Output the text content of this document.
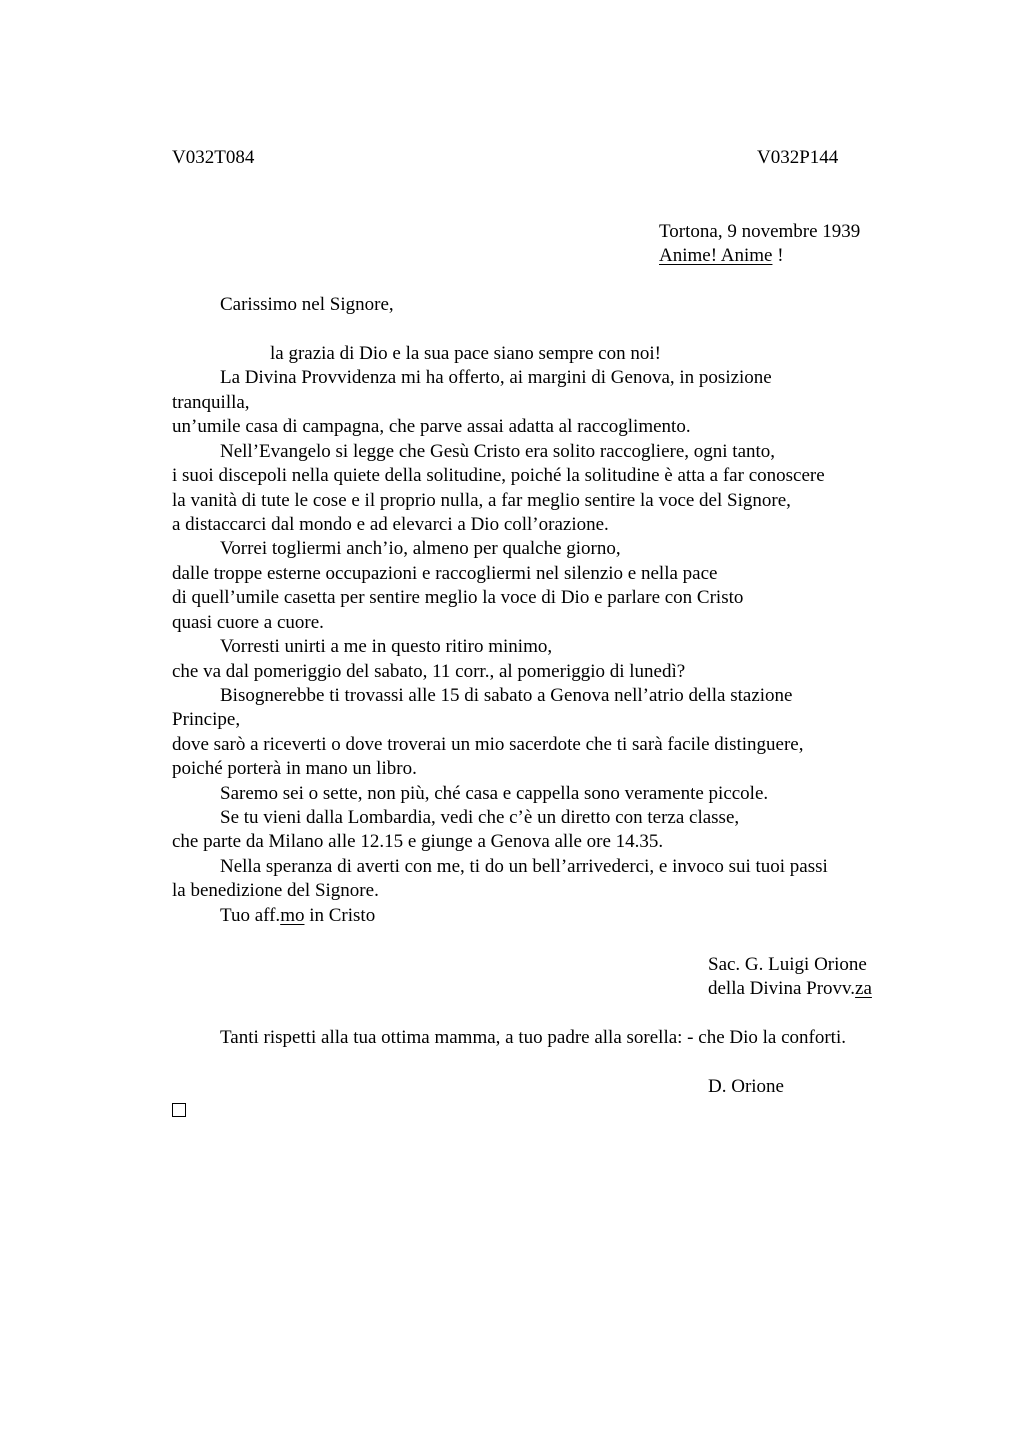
V032T084	V032P144
Tortona, 9 novembre 1939
Anime! Anime !
Carissimo nel Signore,
la grazia di Dio e la sua pace siano sempre con noi!
La Divina Provvidenza mi ha offerto, ai margini di Genova, in posizione
tranquilla,
un’umile casa di campagna, che parve assai adatta al raccoglimento.
Nell’Evangelo si legge che Gesù Cristo era solito raccogliere, ogni tanto,
i suoi discepoli nella quiete della solitudine, poiché la solitudine è atta a far conoscere
la vanità di tute le cose e il proprio nulla, a far meglio sentire la voce del Signore,
a distaccarci dal mondo e ad elevarci a Dio coll’orazione.
Vorrei togliermi anch’io, almeno per qualche giorno,
dalle troppe esterne occupazioni e raccogliermi nel silenzio e nella pace
di quell’umile casetta per sentire meglio la voce di Dio e parlare con Cristo
quasi cuore a cuore.
Vorresti unirti a me in questo ritiro minimo,
che va dal pomeriggio del sabato, 11 corr., al pomeriggio di lunedì?
Bisognerebbe ti trovassi alle 15 di sabato a Genova nell’atrio della stazione
Principe,
dove sarò a riceverti o dove troverai un mio sacerdote che ti sarà facile distinguere,
poiché porterà in mano un libro.
Saremo sei o sette, non più, ché casa e cappella sono veramente piccole.
Se tu vieni dalla Lombardia, vedi che c’è un diretto con terza classe,
che parte da Milano alle 12.15 e giunge a Genova alle ore 14.35.
Nella speranza di averti con me, ti do un bell’arrivederci, e invoco sui tuoi passi
la benedizione del Signore.
Tuo aff.mo in Cristo
Sac. G. Luigi Orione
della Divina Provv.za
Tanti rispetti alla tua ottima mamma, a tuo padre alla sorella: - che Dio la conforti.
D. Orione
